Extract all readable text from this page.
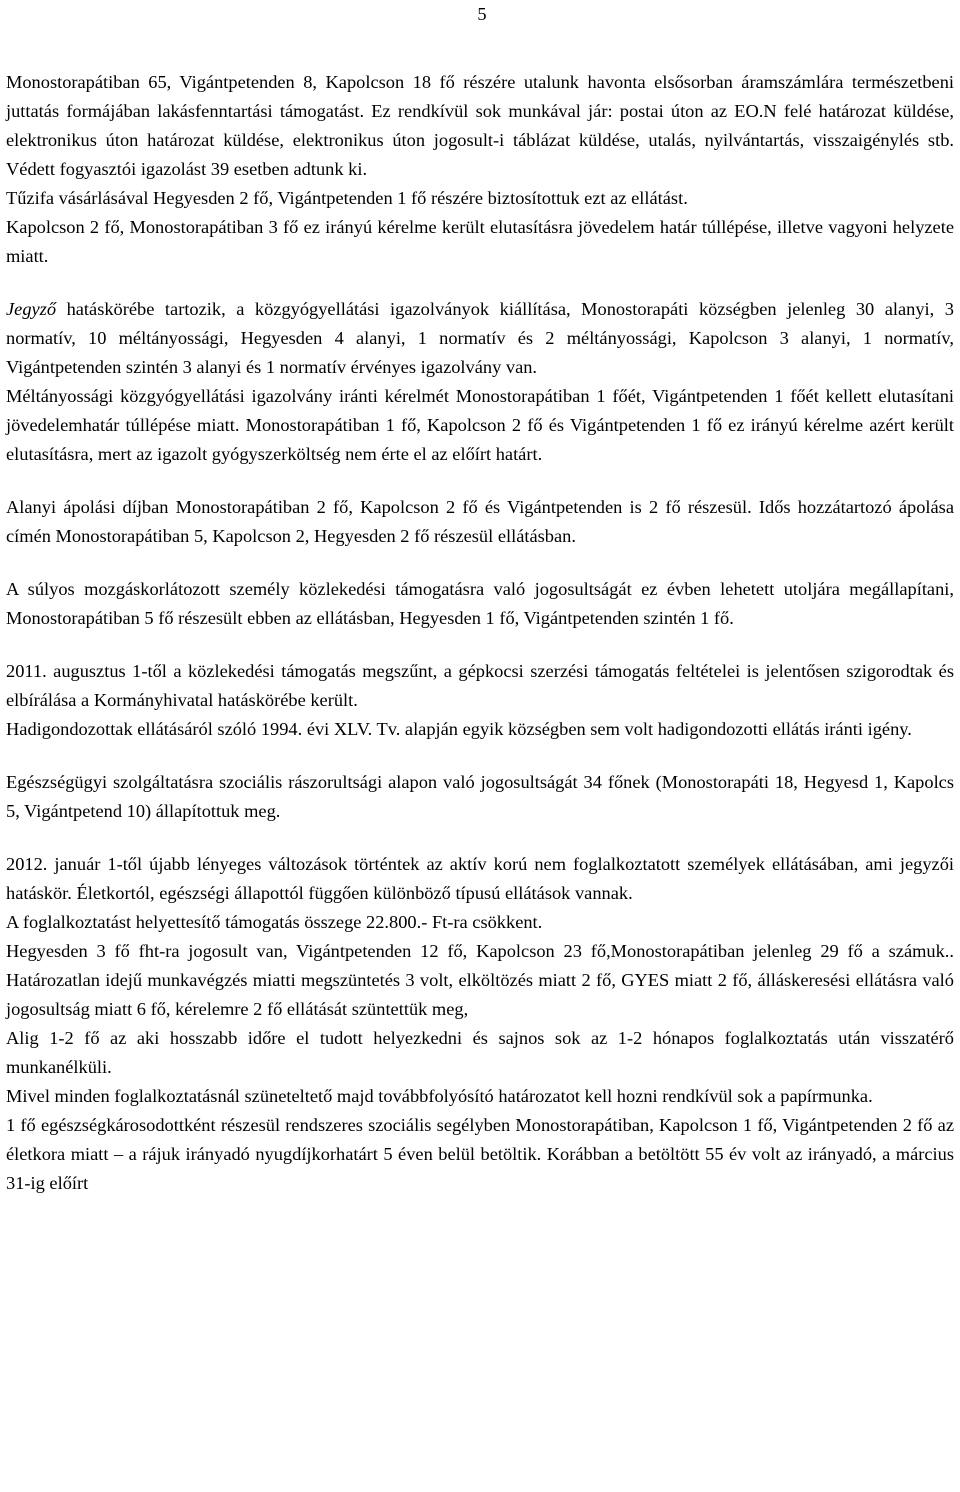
5

Monostorapátiban 65, Vigántpetenden 8, Kapolcson 18 fő részére utalunk havonta elsősorban áramszámlára természetbeni juttatás formájában lakásfenntartási támogatást. Ez rendkívül sok munkával jár: postai úton az EO.N felé határozat küldése, elektronikus úton határozat küldése, elektronikus úton jogosult-i táblázat küldése, utalás, nyilvántartás, visszaigénylés stb. Védett fogyasztói igazolást 39 esetben adtunk ki.

Tűzifa vásárlásával Hegyesden 2 fő, Vigántpetenden 1 fő részére biztosítottuk ezt az ellátást.

Kapolcson 2 fő, Monostorapátiban 3 fő ez irányú kérelme került elutasításra jövedelem határ túllépése, illetve vagyoni helyzete miatt.

Jegyző hatáskörébe tartozik, a közgyógyellátási igazolványok kiállítása, Monostorapáti községben jelenleg 30 alanyi, 3 normatív, 10 méltányossági, Hegyesden 4 alanyi, 1 normatív és 2 méltányossági, Kapolcson 3 alanyi, 1 normatív, Vigántpetenden szintén 3 alanyi és 1 normatív érvényes igazolvány van.

Méltányossági közgyógyellátási igazolvány iránti kérelmét Monostorapátiban 1 főét, Vigántpetenden 1 főét kellett elutasítani jövedelemhatár túllépése miatt. Monostorapátiban 1 fő, Kapolcson 2 fő és Vigántpetenden 1 fő ez irányú kérelme azért került elutasításra, mert az igazolt gyógyszerköltség nem érte el az előírt határt.

Alanyi ápolási díjban Monostorapátiban 2 fő, Kapolcson 2 fő és Vigántpetenden is 2 fő részesül. Idős hozzátartozó ápolása címén Monostorapátiban 5, Kapolcson 2, Hegyesden 2 fő részesül ellátásban.

A súlyos mozgáskorlátozott személy közlekedési támogatásra való jogosultságát ez évben lehetett utoljára megállapítani, Monostorapátiban 5 fő részesült ebben az ellátásban, Hegyesden 1 fő, Vigántpetenden szintén 1 fő.

2011. augusztus 1-től a közlekedési támogatás megszűnt, a gépkocsi szerzési támogatás feltételei is jelentősen szigorodtak és elbírálása a Kormányhivatal hatáskörébe került.

Hadigondozottak ellátásáról szóló 1994. évi XLV. Tv. alapján egyik községben sem volt hadigondozotti ellátás iránti igény.

Egészségügyi szolgáltatásra szociális rászorultsági alapon való jogosultságát 34 főnek (Monostorapáti 18, Hegyesd 1, Kapolcs 5, Vigántpetend 10) állapítottuk meg.

2012. január 1-től újabb lényeges változások történtek az aktív korú nem foglalkoztatott személyek ellátásában, ami jegyzői hatáskör. Életkortól, egészségi állapottól függően különböző típusú ellátások vannak.

A foglalkoztatást helyettesítő támogatás összege 22.800.- Ft-ra csökkent.

Hegyesden 3 fő fht-ra jogosult van, Vigántpetenden 12 fő, Kapolcson 23 fő,Monostorapátiban jelenleg 29 fő a számuk.. Határozatlan idejű munkavégzés miatti megszüntetés 3 volt, elköltözés miatt 2 fő, GYES miatt 2 fő, álláskeresési ellátásra való jogosultság miatt 6 fő, kérelemre 2 fő ellátását szüntettük meg,

Alig 1-2 fő az aki hosszabb időre el tudott helyezkedni és sajnos sok az 1-2 hónapos foglalkoztatás után visszatérő munkanélküli.

Mivel minden foglalkoztatásnál szüneteltető majd továbbfolyósító határozatot kell hozni rendkívül sok a papírmunka.

1 fő egészségkárosodottként részesül rendszeres szociális segélyben Monostorapátiban, Kapolcson 1 fő, Vigántpetenden 2 fő az életkora miatt – a rájuk irányadó nyugdíjkorhatárt 5 éven belül betöltik. Korábban a betöltött 55 év volt az irányadó, a március 31-ig előírt
